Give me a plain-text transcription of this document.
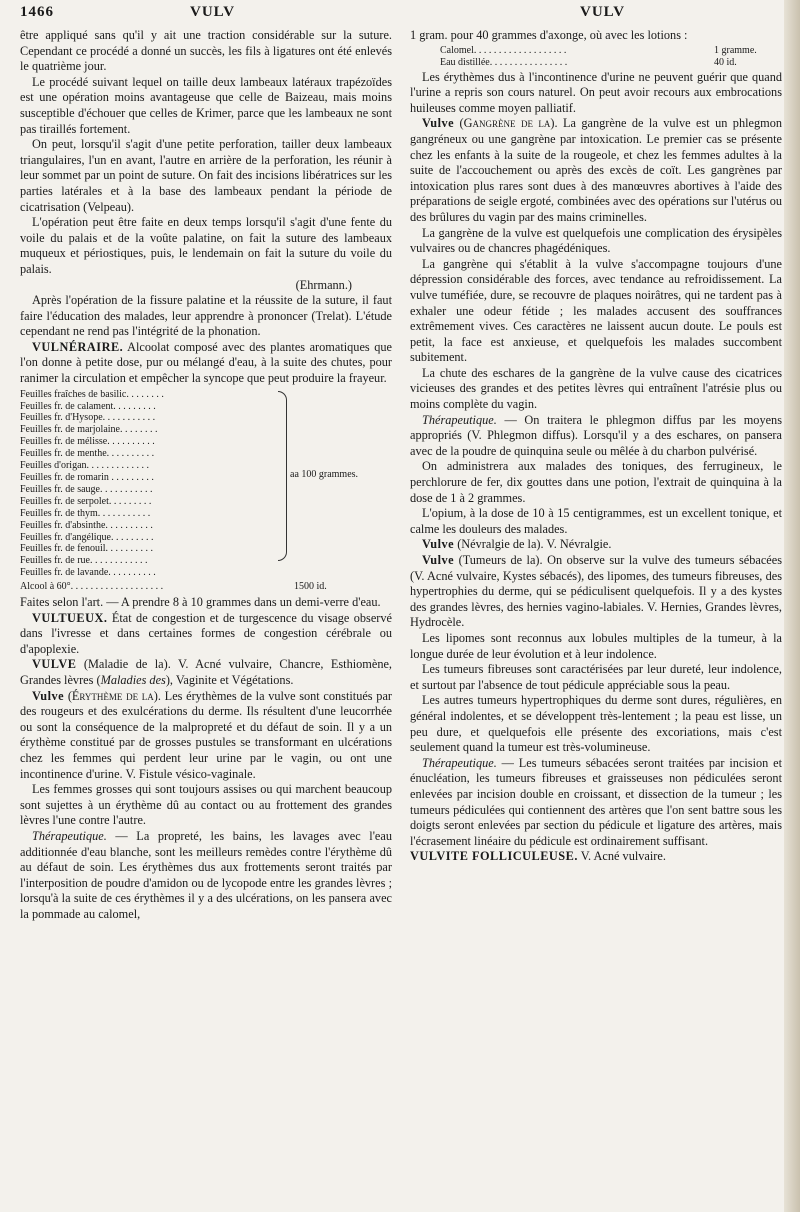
1466	VULV	VULV

être appliqué sans qu'il y ait une traction considérable sur la suture. Cependant ce procédé a donné un succès, les fils à ligatures ont été enlevés le quatrième jour.

Le procédé suivant lequel on taille deux lambeaux latéraux trapézoïdes est une opération moins avantageuse que celle de Baizeau, mais moins susceptible d'échouer que celles de Krimer, parce que les lambeaux ne sont pas tiraillés fortement.

On peut, lorsqu'il s'agit d'une petite perforation, tailler deux lambeaux triangulaires, l'un en avant, l'autre en arrière de la perforation, les réunir à leur sommet par un point de suture. On fait des incisions libératrices sur les parties latérales et à la base des lambeaux pendant la période de cicatrisation (Velpeau).

L'opération peut être faite en deux temps lorsqu'il s'agit d'une fente du voile du palais et de la voûte palatine, on fait la suture des lambeaux muqueux et périostiques, puis, le lendemain on fait la suture du voile du palais.

(Ehrmann.)

Après l'opération de la fissure palatine et la réussite de la suture, il faut faire l'éducation des malades, leur apprendre à prononcer (Trelat). L'étude cependant ne rend pas l'intégrité de la phonation.

VULNÉRAIRE. Alcoolat composé avec des plantes aromatiques que l'on donne à petite dose, pur ou mélangé d'eau, à la suite des chutes, pour ranimer la circulation et empêcher la syncope que peut produire la frayeur.

Feuilles fraîches de basilic. . . . . . . .
Feuilles fr. de calament. . . . . . . . .
Feuilles fr. d'Hysope. . . . . . . . . . .
Feuilles fr. de marjolaine. . . . . . . .
Feuilles fr. de mélisse. . . . . . . . . .
Feuilles fr. de menthe. . . . . . . . . .
Feuilles d'origan. . . . . . . . . . . . .
Feuilles fr. de romarin . . . . . . . . .
Feuilles fr. de sauge. . . . . . . . . . .
Feuilles fr. de serpolet. . . . . . . . .
Feuilles fr. de thym. . . . . . . . . . .
Feuilles fr. d'absinthe. . . . . . . . . .
Feuilles fr. d'angélique. . . . . . . . .
Feuilles fr. de fenouil. . . . . . . . . .
Feuilles fr. de rue. . . . . . . . . . . .
Feuilles fr. de lavande. . . . . . . . . .
aa 100 grammes.
Alcool à 60°. . . . . . . . . . . . . . . . . . .	1500 id.

Faites selon l'art. — A prendre 8 à 10 grammes dans un demi-verre d'eau.

VULTUEUX. État de congestion et de turgescence du visage observé dans l'ivresse et dans certaines formes de congestion cérébrale ou d'apoplexie.

VULVE (Maladie de la). V. Acné vulvaire, Chancre, Esthiomène, Grandes lèvres (Maladies des), Vaginite et Végétations.

Vulve (Érythème de la). Les érythèmes de la vulve sont constitués par des rougeurs et des exulcérations du derme. Ils résultent d'une leucorrhée ou sont la conséquence de la malpropreté et du défaut de soin. Il y a un érythème constitué par de grosses pustules se transformant en ulcérations chez les femmes qui perdent leur urine par le vagin, ou ont une incontinence d'urine. V. Fistule vésico-vaginale.

Les femmes grosses qui sont toujours assises ou qui marchent beaucoup sont sujettes à un érythème dû au contact ou au frottement des grandes lèvres l'une contre l'autre.

Thérapeutique. — La propreté, les bains, les lavages avec l'eau additionnée d'eau blanche, sont les meilleurs remèdes contre l'érythème dû au défaut de soin. Les érythèmes dus aux frottements seront traités par l'interposition de poudre d'amidon ou de lycopode entre les grandes lèvres ; lorsqu'à la suite de ces érythèmes il y a des ulcérations, on les pansera avec la pommade au calomel,

1 gram. pour 40 grammes d'axonge, où avec les lotions :

Calomel. . . . . . . . . . . . . . . . . . .	1 gramme.
Eau distillée. . . . . . . . . . . . . . . .	40 id.

Les érythèmes dus à l'incontinence d'urine ne peuvent guérir que quand l'urine a repris son cours naturel. On peut avoir recours aux embrocations huileuses comme moyen palliatif.

Vulve (Gangrène de la). La gangrène de la vulve est un phlegmon gangréneux ou une gangrène par intoxication. Le premier cas se présente chez les enfants à la suite de la rougeole, et chez les femmes adultes à la suite de l'accouchement ou après des excès de coït. Les gangrènes par intoxication plus rares sont dues à des manœuvres abortives à l'aide des préparations de seigle ergoté, combinées avec des opérations sur l'utérus ou des brûlures du vagin par des mains criminelles.

La gangrène de la vulve est quelquefois une complication des érysipèles vulvaires ou de chancres phagédéniques.

La gangrène qui s'établit à la vulve s'accompagne toujours d'une dépression considérable des forces, avec tendance au refroidissement. La vulve tuméfiée, dure, se recouvre de plaques noirâtres, qui ne tardent pas à exhaler une odeur fétide ; les malades accusent des souffrances extrêmement vives. Ces caractères ne laissent aucun doute. Le pouls est petit, la face est anxieuse, et quelquefois les malades succombent subitement.

La chute des eschares de la gangrène de la vulve cause des cicatrices vicieuses des grandes et des petites lèvres qui entraînent l'atrésie plus ou moins complète du vagin.

Thérapeutique. — On traitera le phlegmon diffus par les moyens appropriés (V. Phlegmon diffus). Lorsqu'il y a des eschares, on pansera avec de la poudre de quinquina seule ou mêlée à du charbon pulvérisé.

On administrera aux malades des toniques, des ferrugineux, le perchlorure de fer, dix gouttes dans une potion, l'extrait de quinquina à la dose de 1 à 2 grammes.

L'opium, à la dose de 10 à 15 centigrammes, est un excellent tonique, et calme les douleurs des malades.

Vulve (Névralgie de la). V. Névralgie.

Vulve (Tumeurs de la). On observe sur la vulve des tumeurs sébacées (V. Acné vulvaire, Kystes sébacés), des lipomes, des tumeurs fibreuses, des hypertrophies du derme, qui se pédiculisent quelquefois. Il y a des kystes des grandes lèvres, des hernies vagino-labiales. V. Hernies, Grandes lèvres, Hydrocèle.

Les lipomes sont reconnus aux lobules multiples de la tumeur, à la longue durée de leur évolution et à leur indolence.

Les tumeurs fibreuses sont caractérisées par leur dureté, leur indolence, et surtout par l'absence de tout pédicule appréciable sous la peau.

Les autres tumeurs hypertrophiques du derme sont dures, régulières, en général indolentes, et se développent très-lentement ; la peau est lisse, un peu dure, et quelquefois elle présente des excoriations, mais c'est seulement quand la tumeur est très-volumineuse.

Thérapeutique. — Les tumeurs sébacées seront traitées par incision et énucléation, les tumeurs fibreuses et graisseuses non pédiculées seront enlevées par incision double en croissant, et dissection de la tumeur ; les tumeurs pédiculées qui contiennent des artères que l'on sent battre sous les doigts seront enlevées par section du pédicule et ligature des artères, mais l'écrasement linéaire du pédicule est ordinairement suffisant.

VULVITE FOLLICULEUSE. V. Acné vulvaire.
